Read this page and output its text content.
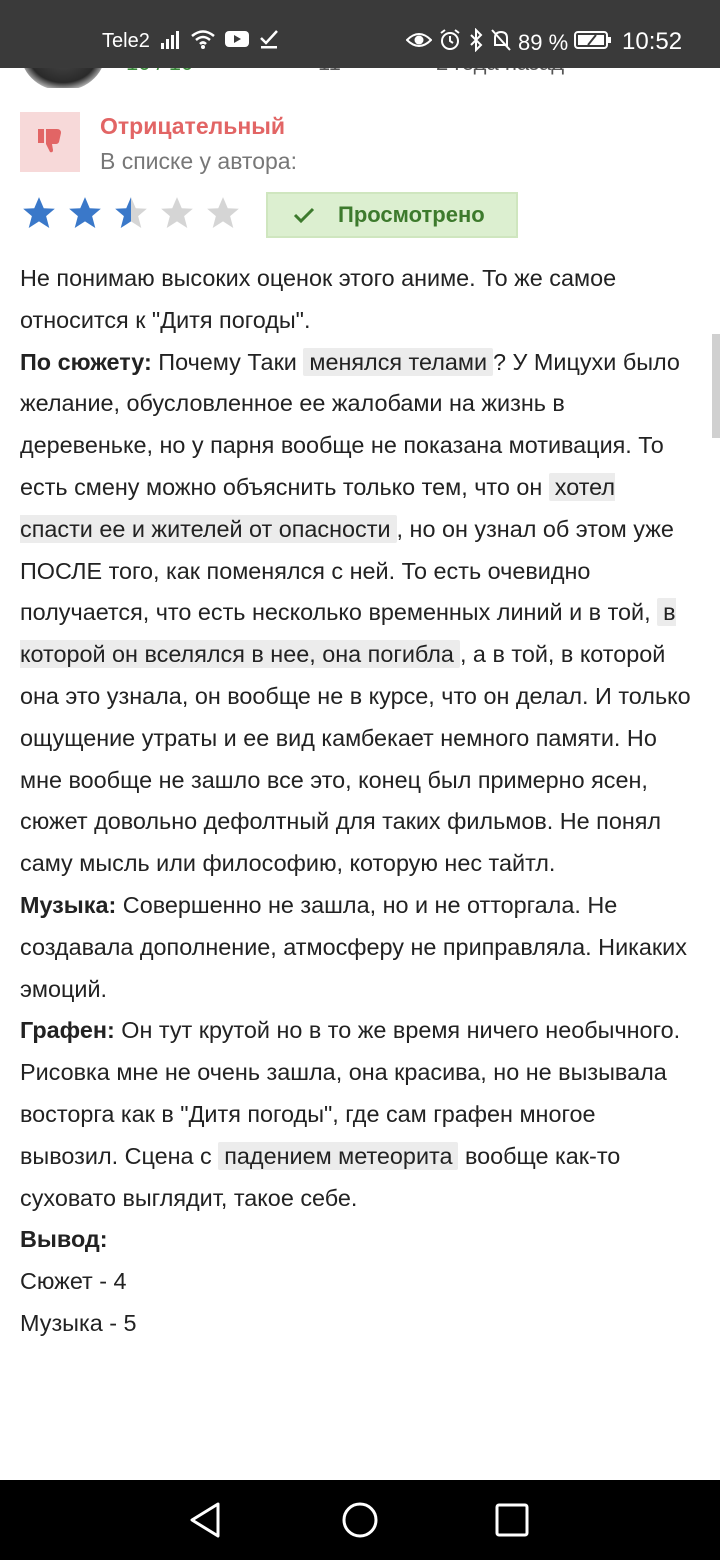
Tele2	89 % 10:52
Отрицательный
В списке у автора:
Просмотрено

Не понимаю высоких оценок этого аниме. То же самое относится к "Дитя погоды".

По сюжету: Почему Таки менялся телами ? У Мицухи было желание, обусловленное ее жалобами на жизнь в деревеньке, но у парня вообще не показана мотивация. То есть смену можно объяснить только тем, что он хотел спасти ее и жителей от опасности , но он узнал об этом уже ПОСЛЕ того, как поменялся с ней. То есть очевидно получается, что есть несколько временных линий и в той, в которой он вселялся в нее, она погибла , а в той, в которой она это узнала, он вообще не в курсе, что он делал. И только ощущение утраты и ее вид камбекает немного памяти. Но мне вообще не зашло все это, конец был примерно ясен, сюжет довольно дефолтный для таких фильмов. Не понял саму мысль или философию, которую нес тайтл.

Музыка: Совершенно не зашла, но и не отторгала. Не создавала дополнение, атмосферу не приправляла. Никаких эмоций.

Графен: Он тут крутой но в то же время ничего необычного. Рисовка мне не очень зашла, она красива, но не вызывала восторга как в "Дитя погоды", где сам графен многое вывозил. Сцена с падением метеорита вообще как-то суховато выглядит, такое себе.

Вывод:

Сюжет - 4

Музыка - 5
